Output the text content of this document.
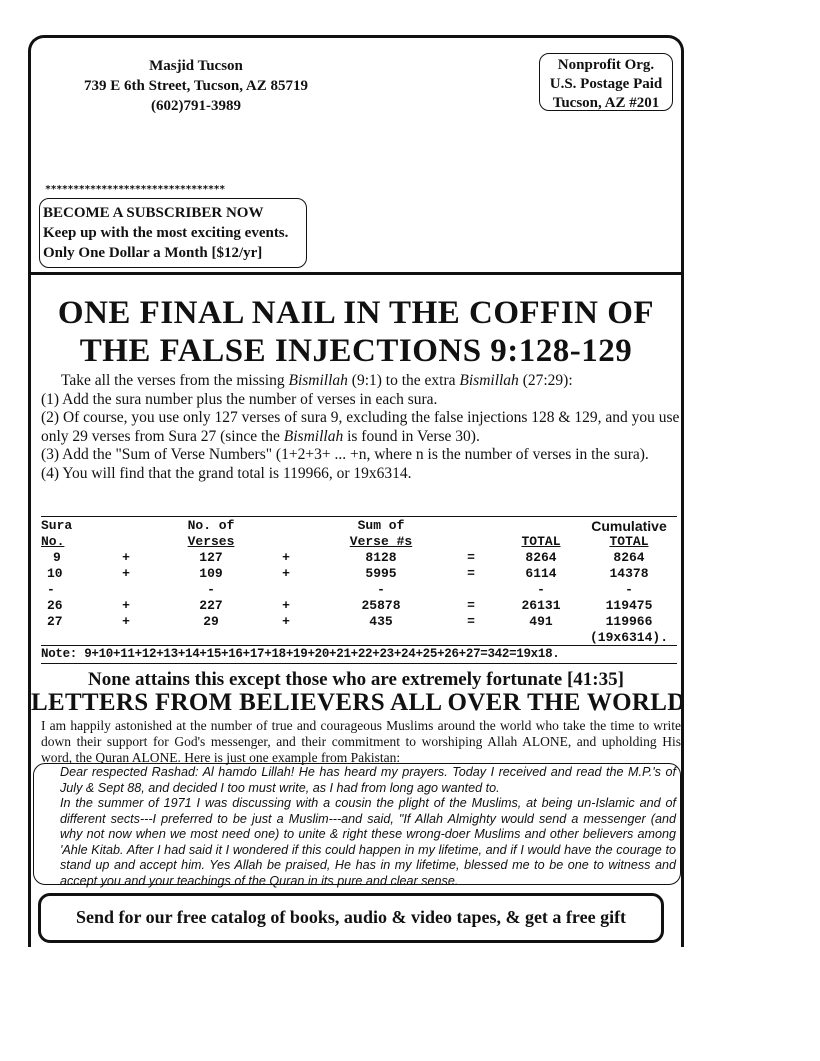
Masjid Tucson
739 E 6th Street, Tucson, AZ 85719
(602)791-3989
Nonprofit Org.
U.S. Postage Paid
Tucson, AZ #201
********************************
BECOME A SUBSCRIBER NOW
Keep up with the most exciting events.
Only One Dollar a Month [$12/yr]
ONE FINAL NAIL IN THE COFFIN OF
THE FALSE INJECTIONS 9:128-129

Take all the verses from the missing Bismillah (9:1) to the extra Bismillah (27:29):

(1) Add the sura number plus the number of verses in each sura.

(2) Of course, you use only 127 verses of sura 9, excluding the false injections 128 & 129, and you use only 29 verses from Sura 27 (since the Bismillah is found in Verse 30).

(3) Add the "Sum of Verse Numbers" (1+2+3+ ... +n, where n is the number of verses in the sura).

(4) You will find that the grand total is 119966, or 19x6314.

Sura		No. of		Sum of			Cumulative
No.		Verses		Verse #s		TOTAL	TOTAL
9	+	127	+	8128	=	8264	8264
10	+	109	+	5995	=	6114	14378
-		-		-		-	-
26	+	227	+	25878	=	26131	119475
27	+	29	+	435	=	491	119966
							(19x6314).
Note: 9+10+11+12+13+14+15+16+17+18+19+20+21+22+23+24+25+26+27=342=19x18.
None attains this except those who are extremely fortunate [41:35]
LETTERS FROM BELIEVERS ALL OVER THE WORLD
I am happily astonished at the number of true and courageous Muslims around the world who take the time to write down their support for God's messenger, and their commitment to worshiping Allah ALONE, and upholding His word, the Quran ALONE. Here is just one example from Pakistan:

Dear respected Rashad: Al hamdo Lillah! He has heard my prayers. Today I received and read the M.P.'s of July & Sept 88, and decided I too must write, as I had from long ago wanted to.

In the summer of 1971 I was discussing with a cousin the plight of the Muslims, at being un-Islamic and of different sects---I preferred to be just a Muslim---and said, "If Allah Almighty would send a messenger (and why not now when we most need one) to unite & right these wrong-doer Muslims and other believers among 'Ahle Kitab. After I had said it I wondered if this could happen in my lifetime, and if I would have the courage to stand up and accept him. Yes Allah be praised, He has in my lifetime, blessed me to be one to witness and accept you and your teachings of the Quran in its pure and clear sense.

Send for our free catalog of books, audio & video tapes, & get a free gift
